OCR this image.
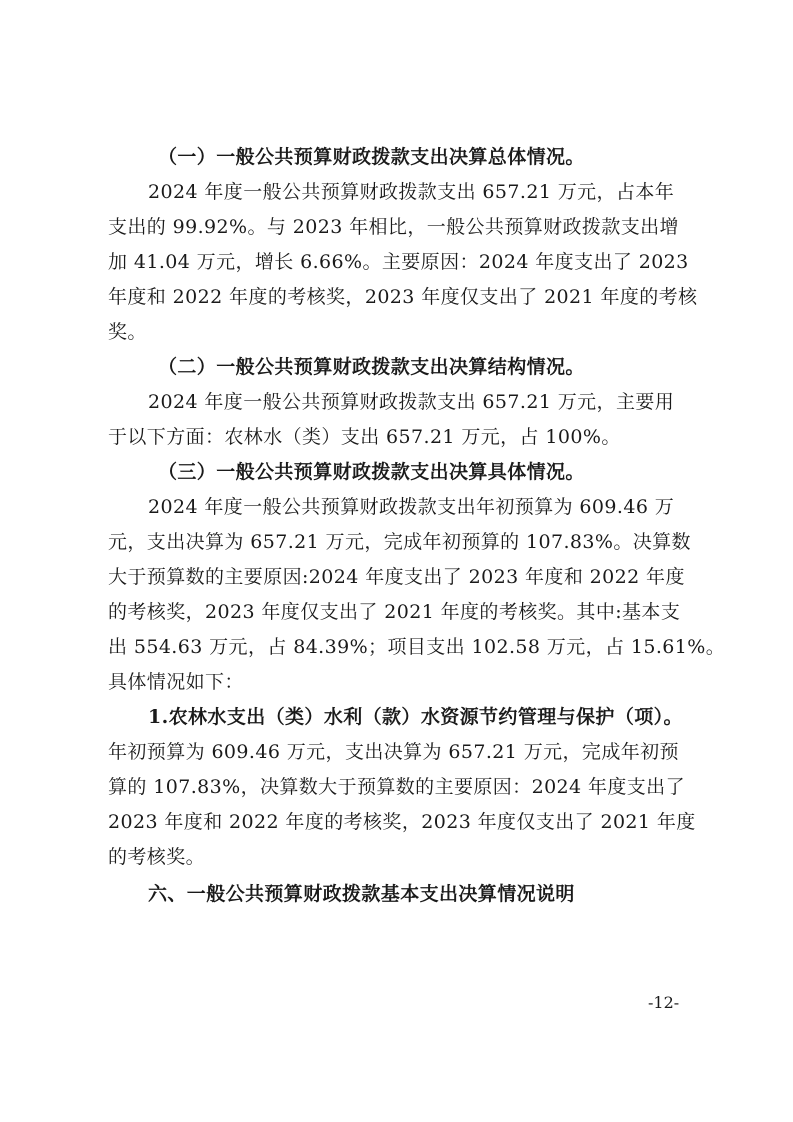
（一）一般公共预算财政拨款支出决算总体情况。
2024 年度一般公共预算财政拨款支出 657.21 万元，占本年
支出的 99.92%。与 2023 年相比，一般公共预算财政拨款支出增
加 41.04 万元，增长 6.66%。主要原因：2024 年度支出了 2023
年度和 2022 年度的考核奖，2023 年度仅支出了 2021 年度的考核
奖。
（二）一般公共预算财政拨款支出决算结构情况。
2024 年度一般公共预算财政拨款支出 657.21 万元，主要用
于以下方面：农林水（类）支出 657.21 万元，占 100%。
（三）一般公共预算财政拨款支出决算具体情况。
2024 年度一般公共预算财政拨款支出年初预算为 609.46 万
元，支出决算为 657.21 万元，完成年初预算的 107.83%。决算数
大于预算数的主要原因:2024 年度支出了 2023 年度和 2022 年度
的考核奖，2023 年度仅支出了 2021 年度的考核奖。其中:基本支
出 554.63 万元，占 84.39%；项目支出 102.58 万元，占 15.61%。
具体情况如下：
1.农林水支出（类）水利（款）水资源节约管理与保护（项）。
年初预算为 609.46 万元，支出决算为 657.21 万元，完成年初预
算的 107.83%，决算数大于预算数的主要原因：2024 年度支出了
2023 年度和 2022 年度的考核奖，2023 年度仅支出了 2021 年度
的考核奖。
六、一般公共预算财政拨款基本支出决算情况说明
-12-
